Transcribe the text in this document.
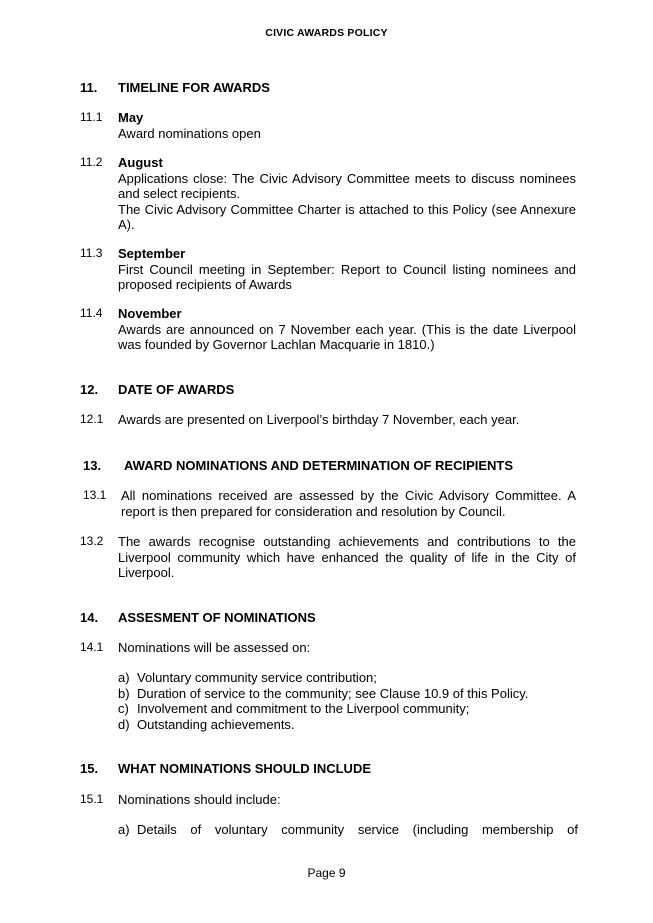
CIVIC AWARDS POLICY
11. TIMELINE FOR AWARDS
11.1 May
Award nominations open
11.2 August
Applications close: The Civic Advisory Committee meets to discuss nominees and select recipients.
The Civic Advisory Committee Charter is attached to this Policy (see Annexure A).
11.3 September
First Council meeting in September: Report to Council listing nominees and proposed recipients of Awards
11.4 November
Awards are announced on 7 November each year. (This is the date Liverpool was founded by Governor Lachlan Macquarie in 1810.)
12. DATE OF AWARDS
12.1 Awards are presented on Liverpool’s birthday 7 November, each year.
13. AWARD NOMINATIONS AND DETERMINATION OF RECIPIENTS
13.1 All nominations received are assessed by the Civic Advisory Committee. A report is then prepared for consideration and resolution by Council.
13.2 The awards recognise outstanding achievements and contributions to the Liverpool community which have enhanced the quality of life in the City of Liverpool.
14. ASSESMENT OF NOMINATIONS
14.1 Nominations will be assessed on:
a) Voluntary community service contribution;
b) Duration of service to the community; see Clause 10.9 of this Policy.
c) Involvement and commitment to the Liverpool community;
d) Outstanding achievements.
15. WHAT NOMINATIONS SHOULD INCLUDE
15.1 Nominations should include:
a) Details of voluntary community service (including membership of
Page 9
